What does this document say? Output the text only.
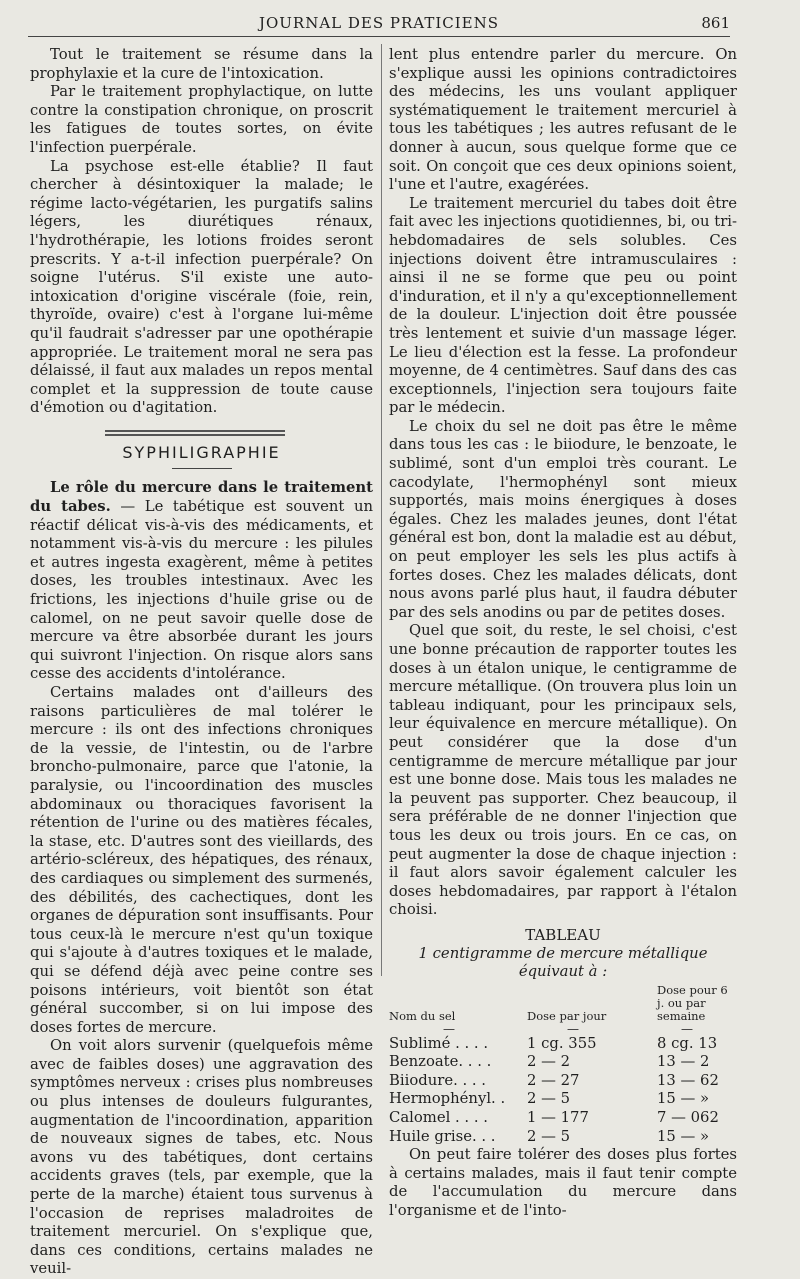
JOURNAL DES PRATICIENS	861

Tout le traitement se résume dans la prophylaxie et la cure de l'intoxication.

Par le traitement prophylactique, on lutte contre la constipation chronique, on proscrit les fatigues de toutes sortes, on évite l'infection puerpérale.

La psychose est-elle établie? Il faut chercher à désintoxiquer la malade; le régime lacto-végétarien, les purgatifs salins légers, les diurétiques rénaux, l'hydrothérapie, les lotions froides seront prescrits. Y a-t-il infection puerpérale? On soigne l'utérus. S'il existe une auto-intoxication d'origine viscérale (foie, rein, thyroïde, ovaire) c'est à l'organe lui-même qu'il faudrait s'adresser par une opothérapie appropriée. Le traitement moral ne sera pas délaissé, il faut aux malades un repos mental complet et la suppression de toute cause d'émotion ou d'agitation.

SYPHILIGRAPHIE

Le rôle du mercure dans le traitement du tabes. — Le tabétique est souvent un réactif délicat vis-à-vis des médicaments, et notamment vis-à-vis du mercure : les pilules et autres ingesta exagèrent, même à petites doses, les troubles intestinaux. Avec les frictions, les injections d'huile grise ou de calomel, on ne peut savoir quelle dose de mercure va être absorbée durant les jours qui suivront l'injection. On risque alors sans cesse des accidents d'intolérance.

Certains malades ont d'ailleurs des raisons particulières de mal tolérer le mercure : ils ont des infections chroniques de la vessie, de l'intestin, ou de l'arbre broncho-pulmonaire, parce que l'atonie, la paralysie, ou l'incoordination des muscles abdominaux ou thoraciques favorisent la rétention de l'urine ou des matières fécales, la stase, etc. D'autres sont des vieillards, des artério-scléreux, des hépatiques, des rénaux, des cardiaques ou simplement des surmenés, des débilités, des cachectiques, dont les organes de dépuration sont insuffisants. Pour tous ceux-là le mercure n'est qu'un toxique qui s'ajoute à d'autres toxiques et le malade, qui se défend déjà avec peine contre ses poisons intérieurs, voit bientôt son état général succomber, si on lui impose des doses fortes de mercure.

On voit alors survenir (quelquefois même avec de faibles doses) une aggravation des symptômes nerveux : crises plus nombreuses ou plus intenses de douleurs fulgurantes, augmentation de l'incoordination, apparition de nouveaux signes de tabes, etc. Nous avons vu des tabétiques, dont certains accidents graves (tels, par exemple, que la perte de la marche) étaient tous survenus à l'occasion de reprises maladroites de traitement mercuriel. On s'explique que, dans ces conditions, certains malades ne veuil-

lent plus entendre parler du mercure. On s'explique aussi les opinions contradictoires des médecins, les uns voulant appliquer systématiquement le traitement mercuriel à tous les tabétiques ; les autres refusant de le donner à aucun, sous quelque forme que ce soit. On conçoit que ces deux opinions soient, l'une et l'autre, exagérées.

Le traitement mercuriel du tabes doit être fait avec les injections quotidiennes, bi, ou tri-hebdomadaires de sels solubles. Ces injections doivent être intramusculaires : ainsi il ne se forme que peu ou point d'induration, et il n'y a qu'exceptionnellement de la douleur. L'injection doit être poussée très lentement et suivie d'un massage léger. Le lieu d'élection est la fesse. La profondeur moyenne, de 4 centimètres. Sauf dans des cas exceptionnels, l'injection sera toujours faite par le médecin.

Le choix du sel ne doit pas être le même dans tous les cas : le biiodure, le benzoate, le sublimé, sont d'un emploi très courant. Le cacodylate, l'hermophényl sont mieux supportés, mais moins énergiques à doses égales. Chez les malades jeunes, dont l'état général est bon, dont la maladie est au début, on peut employer les sels les plus actifs à fortes doses. Chez les malades délicats, dont nous avons parlé plus haut, il faudra débuter par des sels anodins ou par de petites doses.

Quel que soit, du reste, le sel choisi, c'est une bonne précaution de rapporter toutes les doses à un étalon unique, le centigramme de mercure métallique. (On trouvera plus loin un tableau indiquant, pour les principaux sels, leur équivalence en mercure métallique). On peut considérer que la dose d'un centigramme de mercure métallique par jour est une bonne dose. Mais tous les malades ne la peuvent pas supporter. Chez beaucoup, il sera préférable de ne donner l'injection que tous les deux ou trois jours. En ce cas, on peut augmenter la dose de chaque injection : il faut alors savoir également calculer les doses hebdomadaires, par rapport à l'étalon choisi.

TABLEAU
1 centigramme de mercure métallique équivaut à :
Nom du sel	Dose par jour	Dose pour 6 j. ou par semaine
—	—	—
Sublimé . . . .	1 cg. 355	8 cg. 13
Benzoate. . . .	2 — 2	13 — 2
Biiodure. . . .	2 — 27	13 — 62
Hermophényl. .	2 — 5	15 — »
Calomel . . . .	1 — 177	7 — 062
Huile grise. . .	2 — 5	15 — »

On peut faire tolérer des doses plus fortes à certains malades, mais il faut tenir compte de l'accumulation du mercure dans l'organisme et de l'into-
